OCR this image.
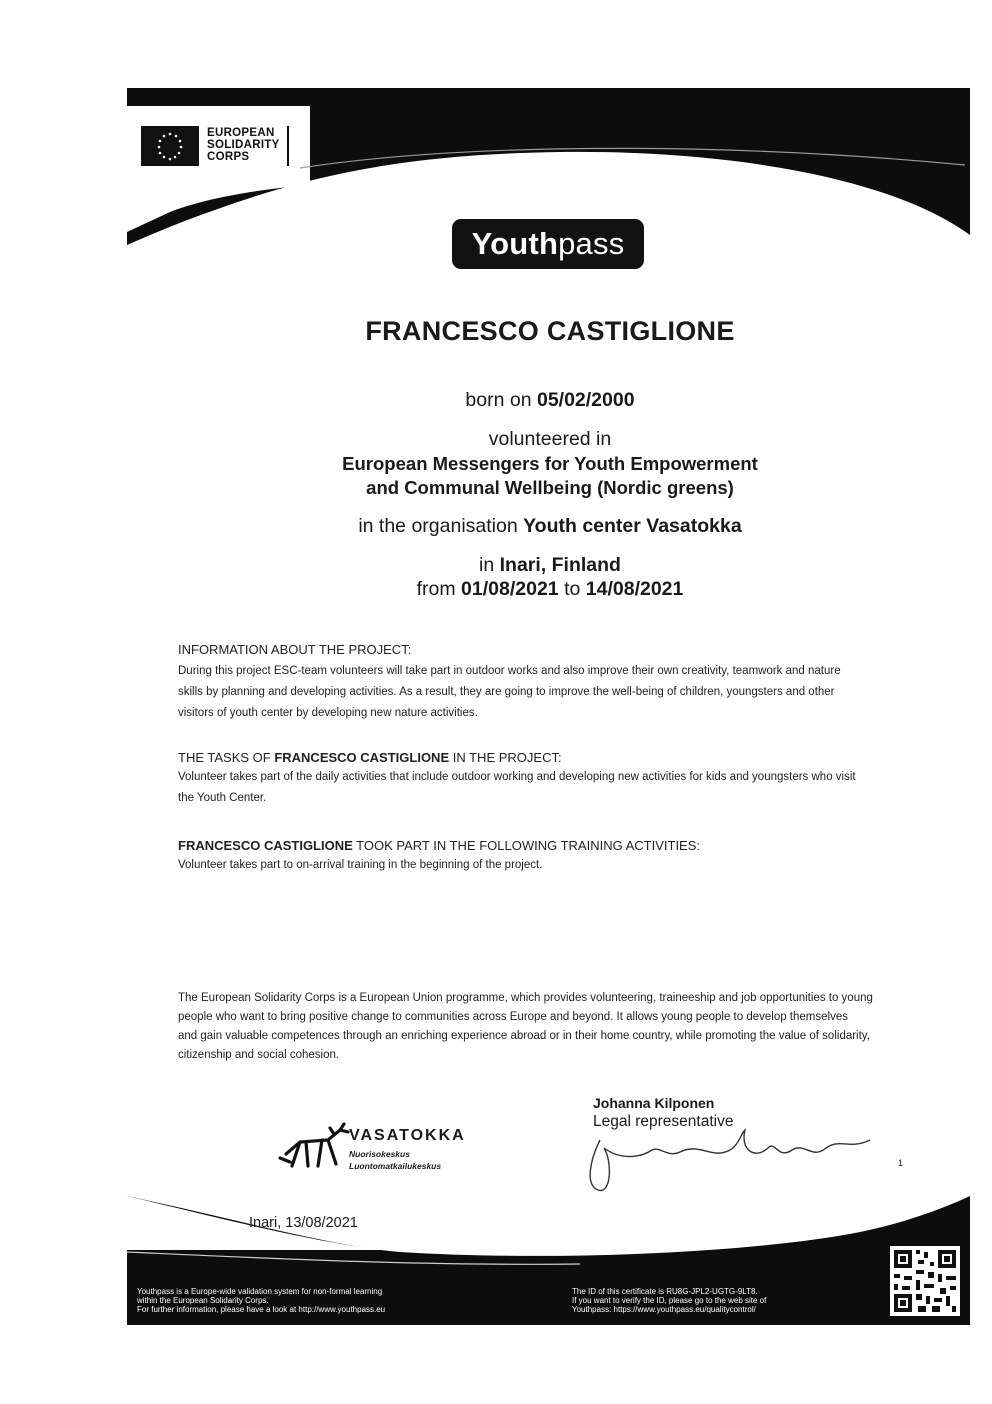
EUROPEAN
SOLIDARITY
CORPS
Youthpass
FRANCESCO CASTIGLIONE
born on 05/02/2000
volunteered in
European Messengers for Youth Empowerment
and Communal Wellbeing (Nordic greens)
in the organisation Youth center Vasatokka
in Inari, Finland
from 01/08/2021 to 14/08/2021
INFORMATION ABOUT THE PROJECT:
During this project ESC-team volunteers will take part in outdoor works and also improve their own creativity, teamwork and nature
skills by planning and developing activities. As a result, they are going to improve the well-being of children, youngsters and other
visitors of youth center by developing new nature activities.
THE TASKS OF FRANCESCO CASTIGLIONE IN THE PROJECT:
Volunteer takes part of the daily activities that include outdoor working and developing new activities for kids and youngsters who visit
the Youth Center.
FRANCESCO CASTIGLIONE TOOK PART IN THE FOLLOWING TRAINING ACTIVITIES:
Volunteer takes part to on-arrival training in the beginning of the project.
The European Solidarity Corps is a European Union programme, which provides volunteering, traineeship and job opportunities to young
people who want to bring positive change to communities across Europe and beyond. It allows young people to develop themselves
and gain valuable competences through an enriching experience abroad or in their home country, while promoting the value of solidarity,
citizenship and social cohesion.
Johanna Kilponen
Legal representative
1
VASATOKKA
Nuorisokeskus
Luontomatkailukeskus
Inari, 13/08/2021
Youthpass is a Europe-wide validation system for non-formal learning
within the European Solidarity Corps.
For further information, please have a look at http://www.youthpass.eu
The ID of this certificate is RU8G-JPL2-UGTG-9LT8.
If you want to verify the ID, please go to the web site of
Youthpass: https://www.youthpass.eu/qualitycontrol/
